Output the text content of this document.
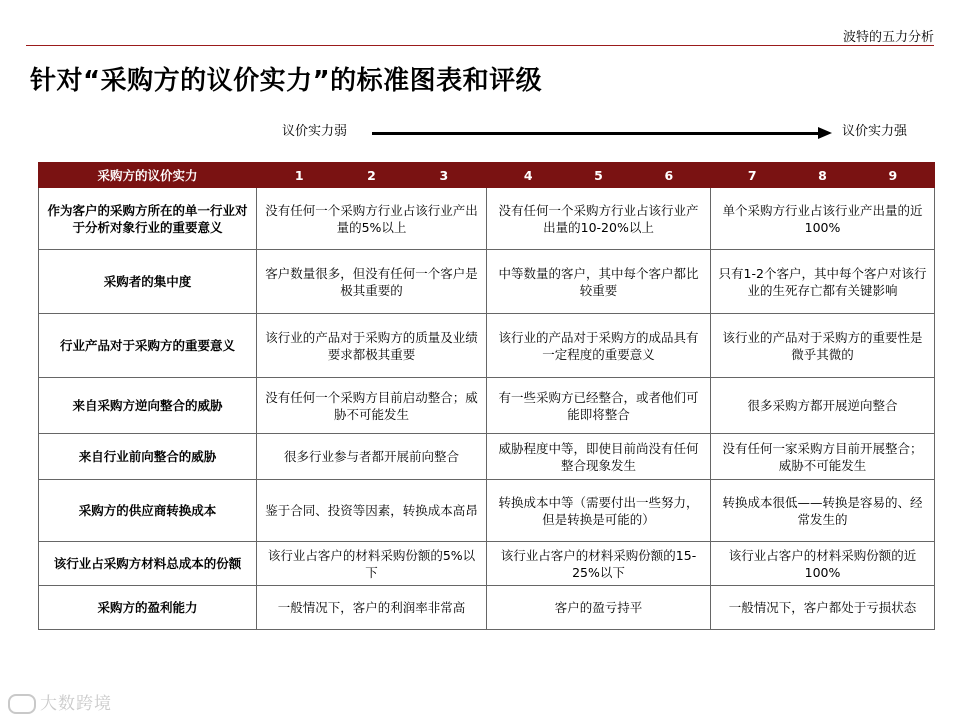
波特的五力分析
针对“采购方的议价实力”的标准图表和评级
议价实力弱	议价实力强
采购方的议价实力	1 2 3	4 5 6	7 8 9

作为客户的采购方所在的单一行业对于分析对象行业的重要意义	没有任何一个采购方行业占该行业产出量的5%以上	没有任何一个采购方行业占该行业产出量的10-20%以上	单个采购方行业占该行业产出量的近100%
采购者的集中度	客户数量很多，但没有任何一个客户是极其重要的	中等数量的客户，其中每个客户都比较重要	只有1-2个客户，其中每个客户对该行业的生死存亡都有关键影响
行业产品对于采购方的重要意义	该行业的产品对于采购方的质量及业绩要求都极其重要	该行业的产品对于采购方的成品具有一定程度的重要意义	该行业的产品对于采购方的重要性是微乎其微的
来自采购方逆向整合的威胁	没有任何一个采购方目前启动整合；威胁不可能发生	有一些采购方已经整合，或者他们可能即将整合	很多采购方都开展逆向整合
来自行业前向整合的威胁	很多行业参与者都开展前向整合	威胁程度中等，即使目前尚没有任何整合现象发生	没有任何一家采购方目前开展整合；威胁不可能发生
采购方的供应商转换成本	鉴于合同、投资等因素，转换成本高昂	转换成本中等（需要付出一些努力，但是转换是可能的）	转换成本很低——转换是容易的、经常发生的
该行业占采购方材料总成本的份额	该行业占客户的材料采购份额的5%以下	该行业占客户的材料采购份额的15-25%以下	该行业占客户的材料采购份额的近100%
采购方的盈利能力	一般情况下，客户的利润率非常高	客户的盈亏持平	一般情况下，客户都处于亏损状态
大数跨境
